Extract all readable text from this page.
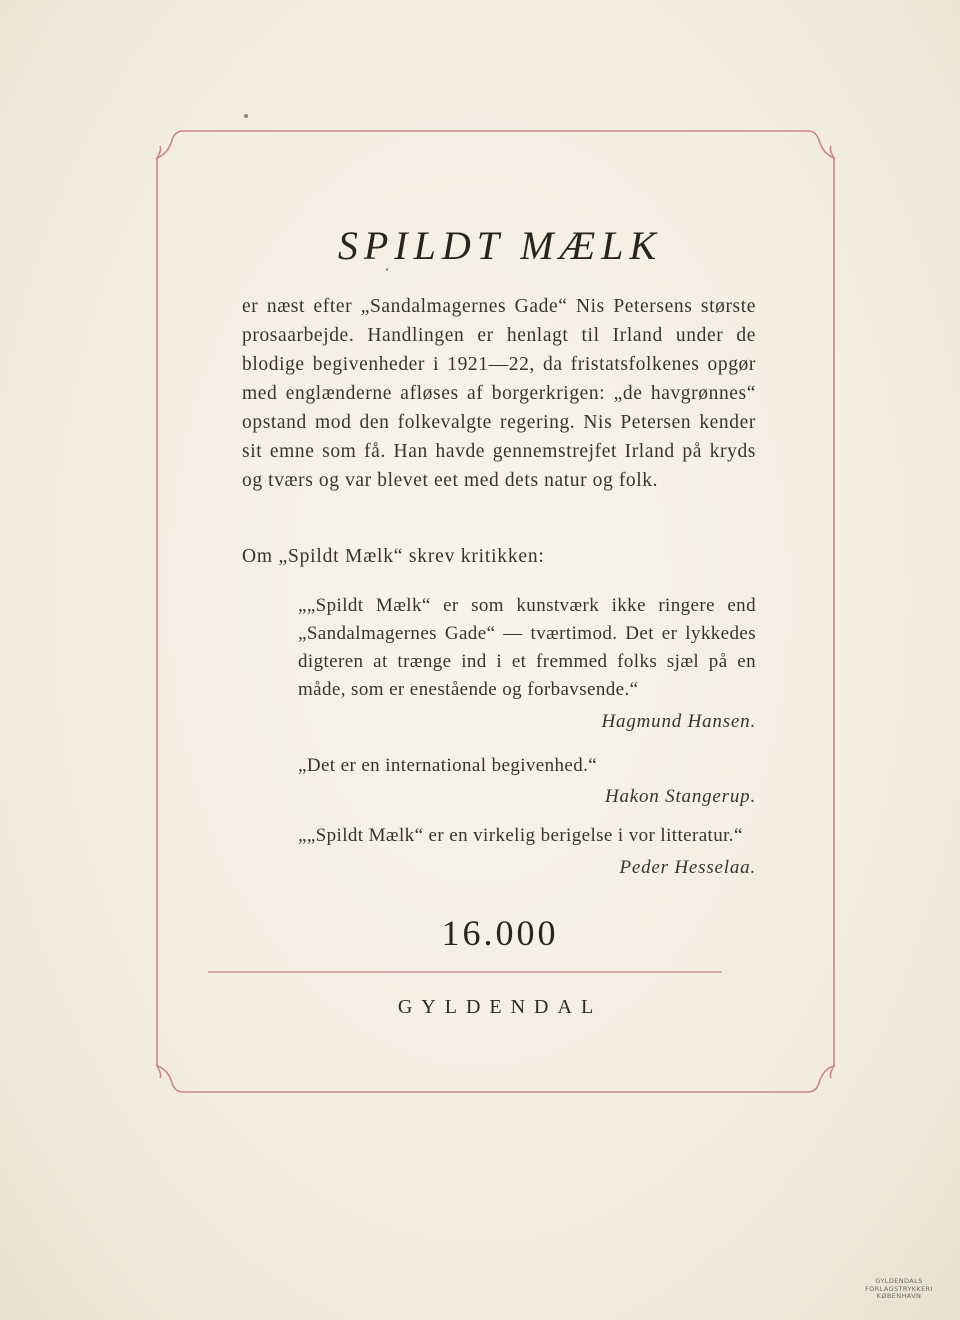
SPILDT MÆLK

er næst efter „Sandalmagernes Gade“ Nis Petersens største prosaarbejde. Handlingen er henlagt til Irland under de blodige begivenheder i 1921—22, da fristatsfolkenes opgør med englænderne afløses af borgerkrigen: „de havgrønnes“ opstand mod den folkevalgte regering. Nis Petersen kender sit emne som få. Han havde gennemstrejfet Irland på kryds og tværs og var blevet eet med dets natur og folk.

Om „Spildt Mælk“ skrev kritikken:

„„Spildt Mælk“ er som kunstværk ikke ringere end „Sandalmagernes Gade“ — tværtimod. Det er lykkedes digteren at trænge ind i et fremmed folks sjæl på en måde, som er enestående og forbavsende.“
Hagmund Hansen.

„Det er en international begivenhed.“

Hakon Stangerup.

„„Spildt Mælk“ er en virkelig berigelse i vor litteratur.“
Peder Hesselaa.

16.000
GYLDENDAL
GYLDENDALS
FORLAGSTRYKKERI
KØBENHAVN
